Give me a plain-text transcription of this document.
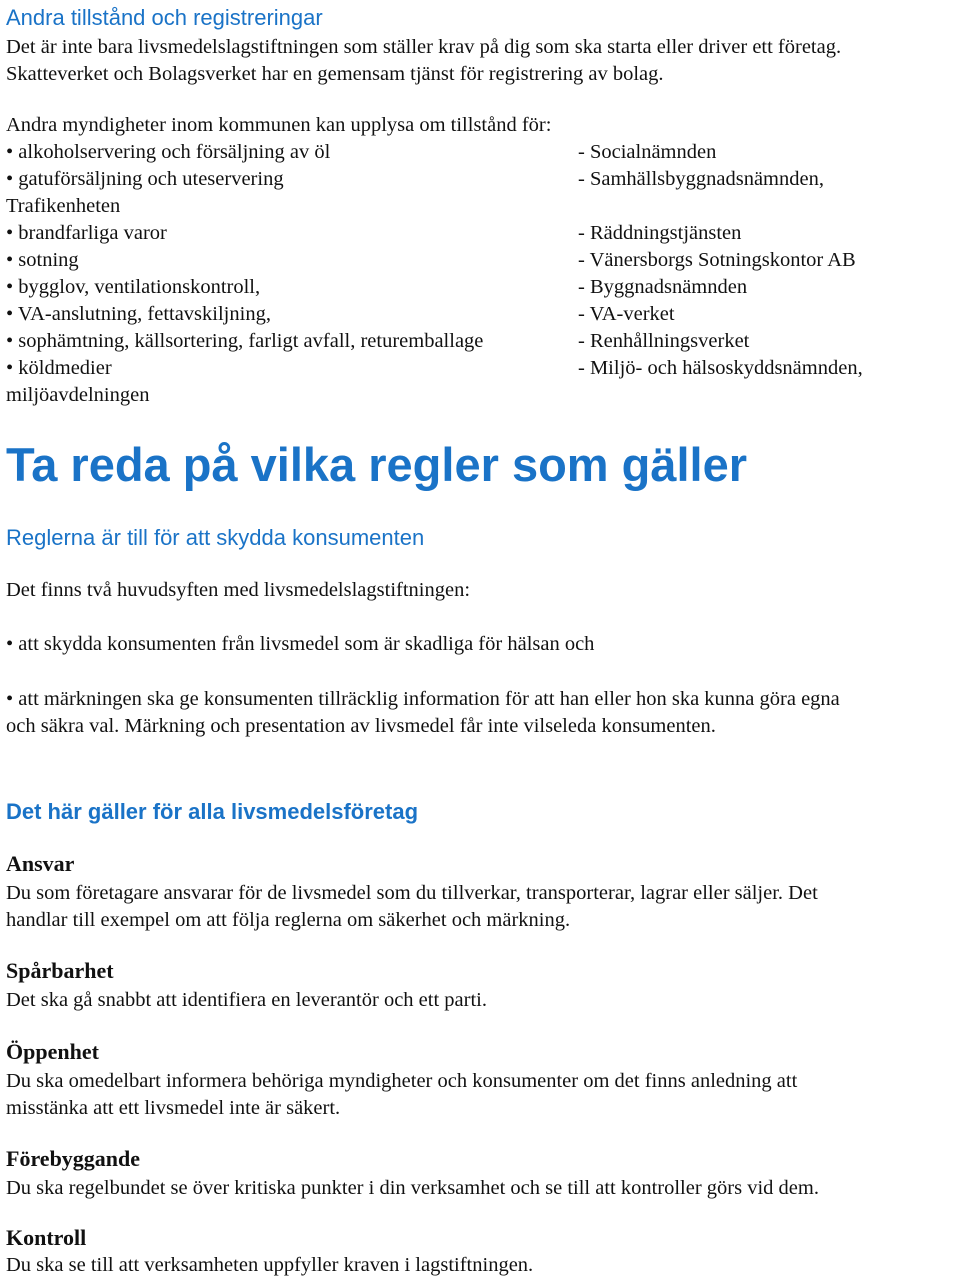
Andra tillstånd och registreringar
Det är inte bara livsmedelslagstiftningen som ställer krav på dig som ska starta eller driver ett företag.
Skatteverket och Bolagsverket har en gemensam tjänst för registrering av bolag.
Andra myndigheter inom kommunen kan upplysa om tillstånd för:
• alkoholservering och försäljning av öl	- Socialnämnden
• gatuförsäljning och uteservering	- Samhällsbyggnadsnämnden,
Trafikenheten
• brandfarliga varor	- Räddningstjänsten
• sotning	- Vänersborgs Sotningskontor AB
• bygglov, ventilationskontroll,	- Byggnadsnämnden
• VA-anslutning, fettavskiljning,	- VA-verket
• sophämtning, källsortering, farligt avfall, returemballage	- Renhållningsverket
• köldmedier	- Miljö- och hälsoskyddsnämnden,
miljöavdelningen
Ta reda på vilka regler som gäller
Reglerna är till för att skydda konsumenten
Det finns två huvudsyften med livsmedelslagstiftningen:
• att skydda konsumenten från livsmedel som är skadliga för hälsan och
• att märkningen ska ge konsumenten tillräcklig information för att han eller hon ska kunna göra egna
och säkra val. Märkning och presentation av livsmedel får inte vilseleda konsumenten.
Det här gäller för alla livsmedelsföretag
Ansvar
Du som företagare ansvarar för de livsmedel som du tillverkar, transporterar, lagrar eller säljer. Det
handlar till exempel om att följa reglerna om säkerhet och märkning.
Spårbarhet
Det ska gå snabbt att identifiera en leverantör och ett parti.
Öppenhet
Du ska omedelbart informera behöriga myndigheter och konsumenter om det finns anledning att
misstänka att ett livsmedel inte är säkert.
Förebyggande
Du ska regelbundet se över kritiska punkter i din verksamhet och se till att kontroller görs vid dem.
Kontroll
Du ska se till att verksamheten uppfyller kraven i lagstiftningen.
